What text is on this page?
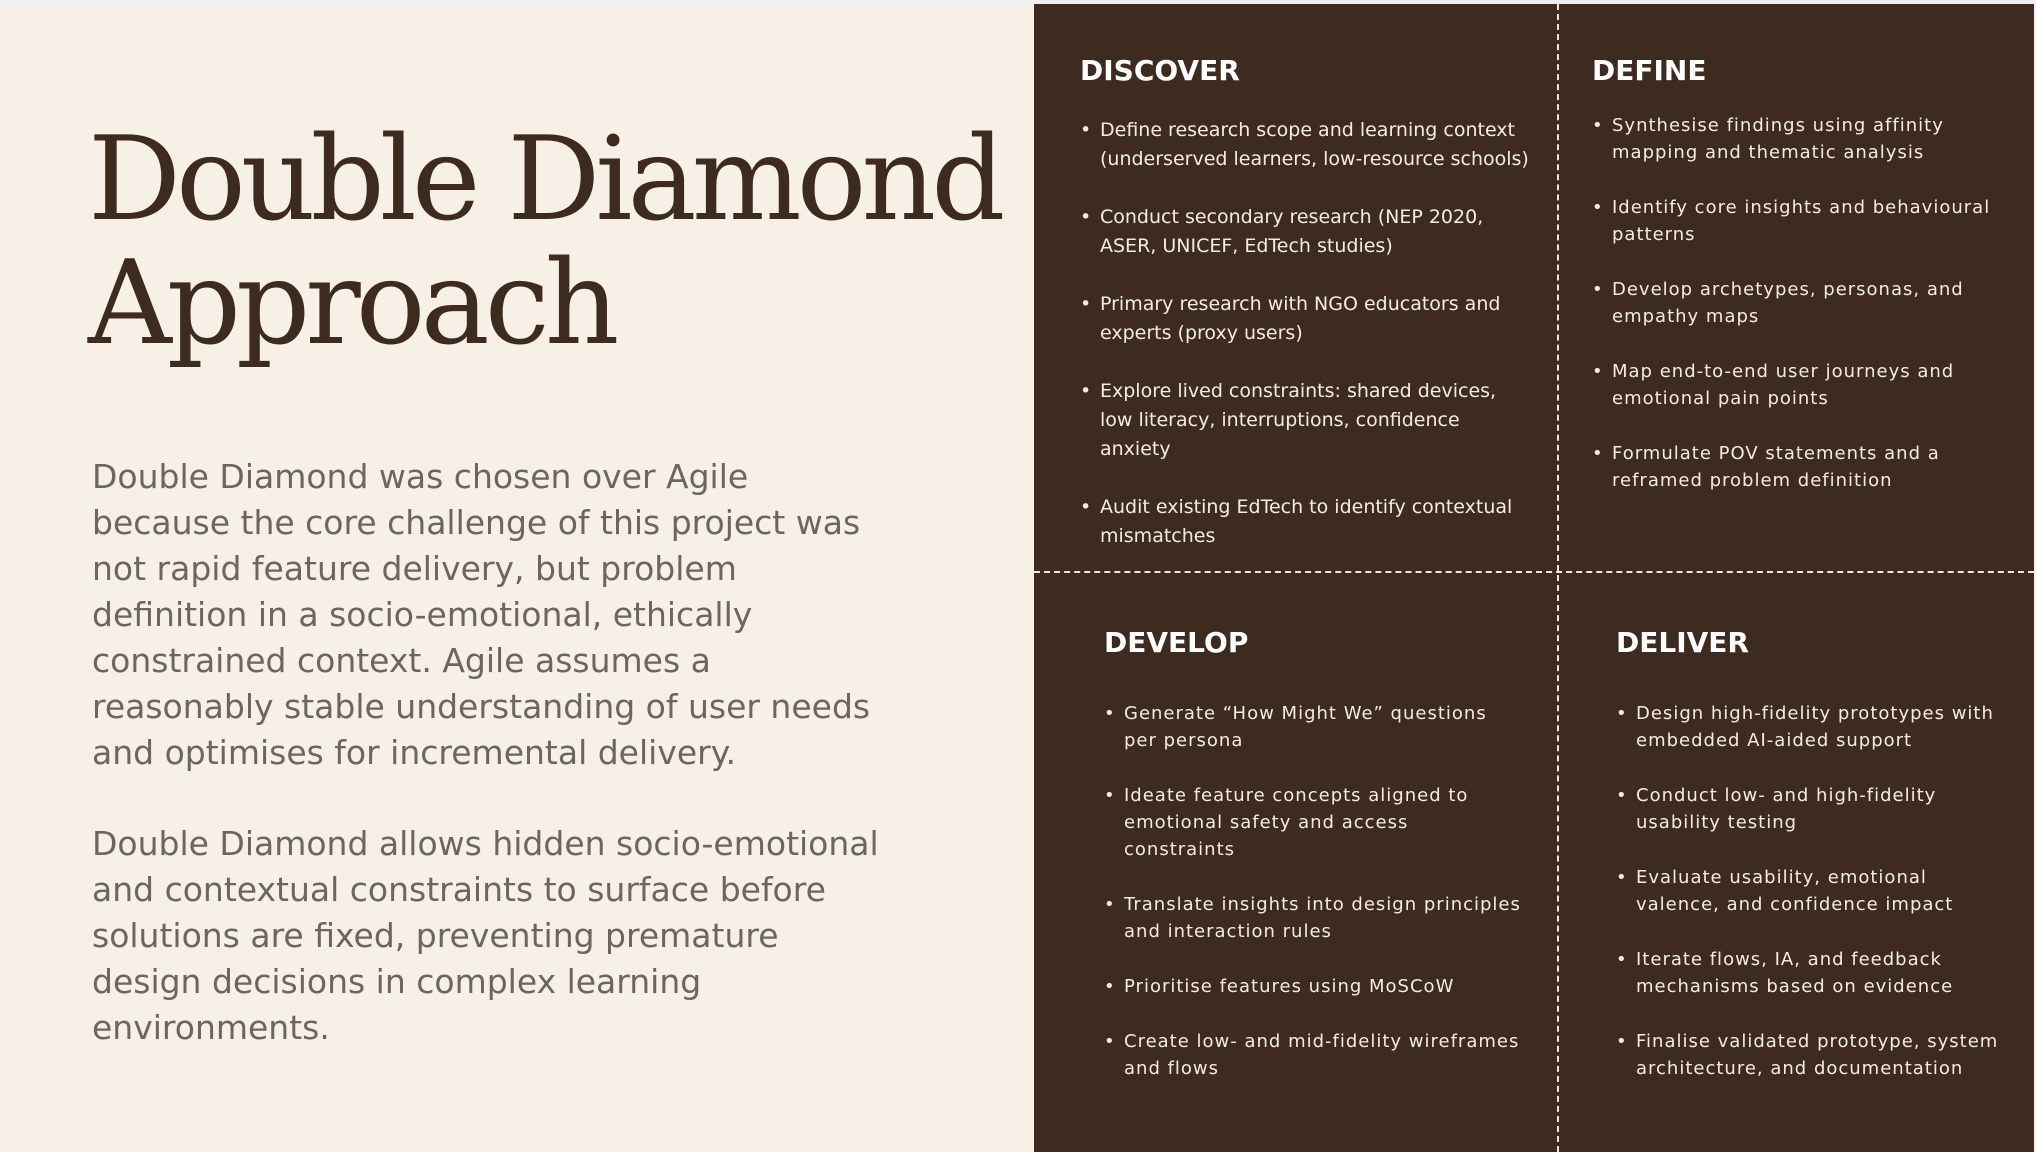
Double Diamond
Approach

Double Diamond was chosen over Agile because the core challenge of this project was not rapid feature delivery, but problem definition in a socio-emotional, ethically constrained context. Agile assumes a reasonably stable understanding of user needs and optimises for incremental delivery.

Double Diamond allows hidden socio-emotional and contextual constraints to surface before solutions are fixed, preventing premature design decisions in complex learning environments.

DISCOVER
• Define research scope and learning context (underserved learners, low-resource schools)
• Conduct secondary research (NEP 2020, ASER, UNICEF, EdTech studies)
• Primary research with NGO educators and experts (proxy users)
• Explore lived constraints: shared devices, low literacy, interruptions, confidence anxiety
• Audit existing EdTech to identify contextual mismatches
DEFINE
• Synthesise findings using affinity mapping and thematic analysis
• Identify core insights and behavioural patterns
• Develop archetypes, personas, and empathy maps
• Map end-to-end user journeys and emotional pain points
• Formulate POV statements and a reframed problem definition
DEVELOP
• Generate “How Might We” questions per persona
• Ideate feature concepts aligned to emotional safety and access constraints
• Translate insights into design principles and interaction rules
• Prioritise features using MoSCoW
• Create low- and mid-fidelity wireframes and flows
DELIVER
• Design high-fidelity prototypes with embedded AI-aided support
• Conduct low- and high-fidelity usability testing
• Evaluate usability, emotional valence, and confidence impact
• Iterate flows, IA, and feedback mechanisms based on evidence
• Finalise validated prototype, system architecture, and documentation
